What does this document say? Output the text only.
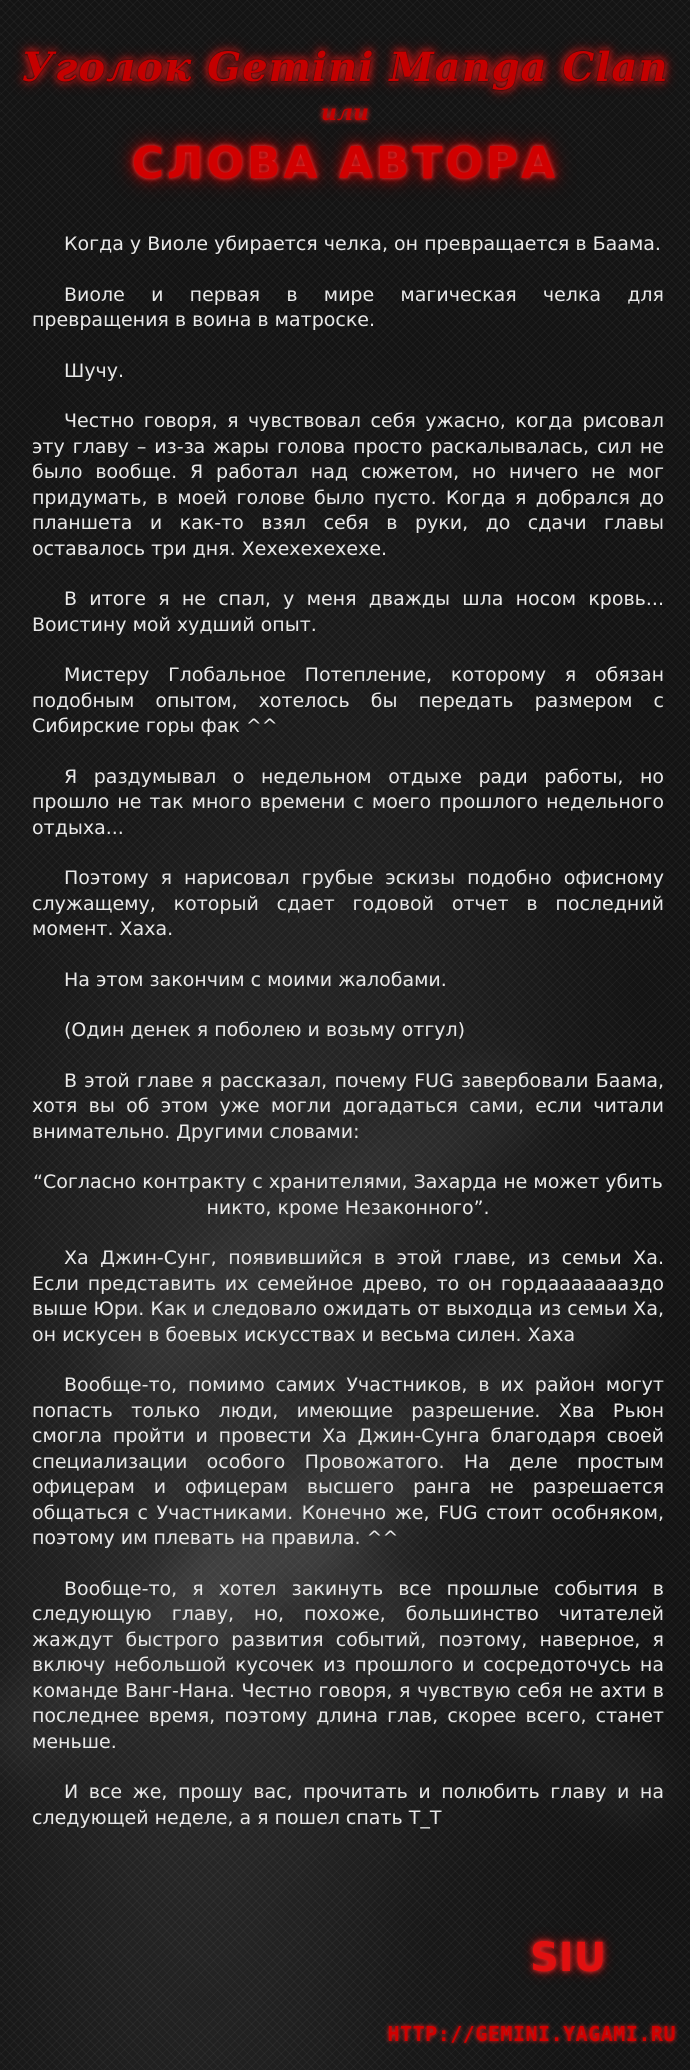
Уголок Gemini Manga Clan
или
СЛОВА АВТОРА

Когда у Виоле убирается челка, он превращается в Баама.

Виоле и первая в мире магическая челка для превращения в воина в матроске.

Шучу.

Честно говоря, я чувствовал себя ужасно, когда рисовал эту главу – из-за жары голова просто раскалывалась, сил не было вообще. Я работал над сюжетом, но ничего не мог придумать, в моей голове было пусто. Когда я добрался до планшета и как-то взял себя в руки, до сдачи главы оставалось три дня. Хехехехехехе.

В итоге я не спал, у меня дважды шла носом кровь... Воистину мой худший опыт.

Мистеру Глобальное Потепление, которому я обязан подобным опытом, хотелось бы передать размером с Сибирские горы фак ^^

Я раздумывал о недельном отдыхе ради работы, но прошло не так много времени с моего прошлого недельного отдыха...

Поэтому я нарисовал грубые эскизы подобно офисному служащему, который сдает годовой отчет в последний момент. Хаха.

На этом закончим с моими жалобами.

(Один денек я поболею и возьму отгул)

В этой главе я рассказал, почему FUG завербовали Баама, хотя вы об этом уже могли догадаться сами, если читали внимательно. Другими словами:

“Согласно контракту с хранителями, Захарда не может убить никто, кроме Незаконного”.

Ха Джин-Сунг, появившийся в этой главе, из семьи Ха. Если представить их семейное древо, то он гордаааааааздо выше Юри. Как и следовало ожидать от выходца из семьи Ха, он искусен в боевых искусствах и весьма силен. Хаха

Вообще-то, помимо самих Участников, в их район могут попасть только люди, имеющие разрешение. Хва Рьюн смогла пройти и провести Ха Джин-Сунга благодаря своей специализации особого Провожатого. На деле простым офицерам и офицерам высшего ранга не разрешается общаться с Участниками. Конечно же, FUG стоит особняком, поэтому им плевать на правила. ^^

Вообще-то, я хотел закинуть все прошлые события в следующую главу, но, похоже, большинство читателей жаждут быстрого развития событий, поэтому, наверное, я включу небольшой кусочек из прошлого и сосредоточусь на команде Ванг-Нана. Честно говоря, я чувствую себя не ахти в последнее время, поэтому длина глав, скорее всего, станет меньше.

И все же, прошу вас, прочитать и полюбить главу и на следующей неделе, а я пошел спать T_T

SIU
HTTP://GEMINI.YAGAMI.RU
